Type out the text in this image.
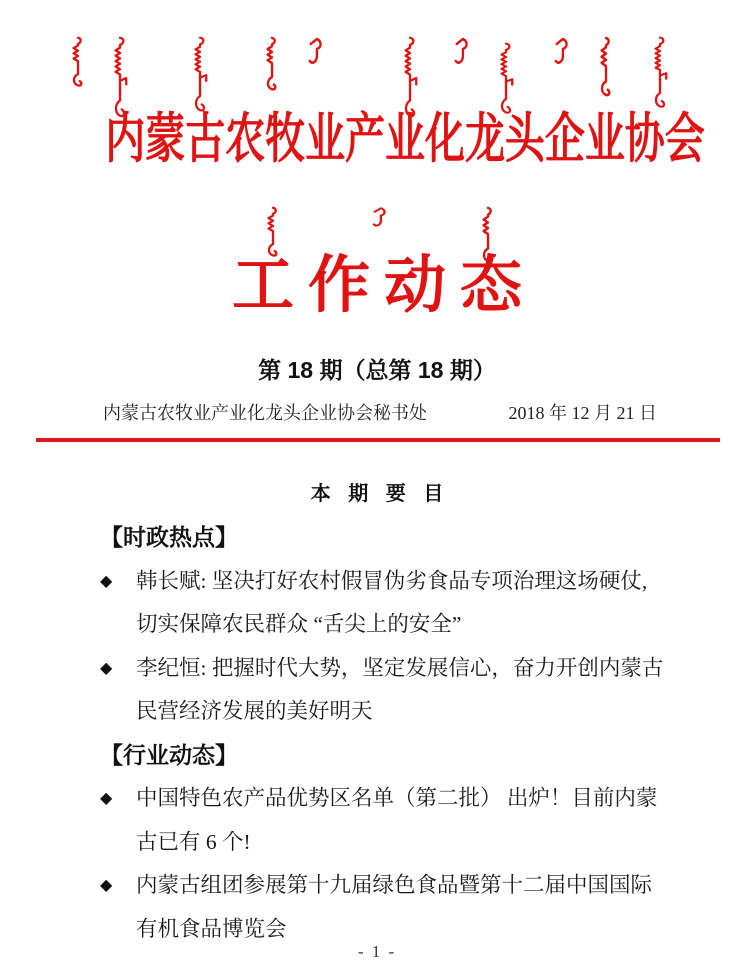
内蒙古农牧业产业化龙头企业协会
工作动态
第 18 期（总第 18 期）
内蒙古农牧业产业化龙头企业协会秘书处	2018 年 12 月 21 日
本 期 要 目
【时政热点】
◆	韩长赋: 坚决打好农村假冒伪劣食品专项治理这场硬仗,
切实保障农民群众 “舌尖上的安全”
◆	李纪恒: 把握时代大势，坚定发展信心，奋力开创内蒙古
民营经济发展的美好明天
【行业动态】
◆	中国特色农产品优势区名单（第二批） 出炉！目前内蒙
古已有 6 个!
◆	内蒙古组团参展第十九届绿色食品暨第十二届中国国际
有机食品博览会
- 1 -
